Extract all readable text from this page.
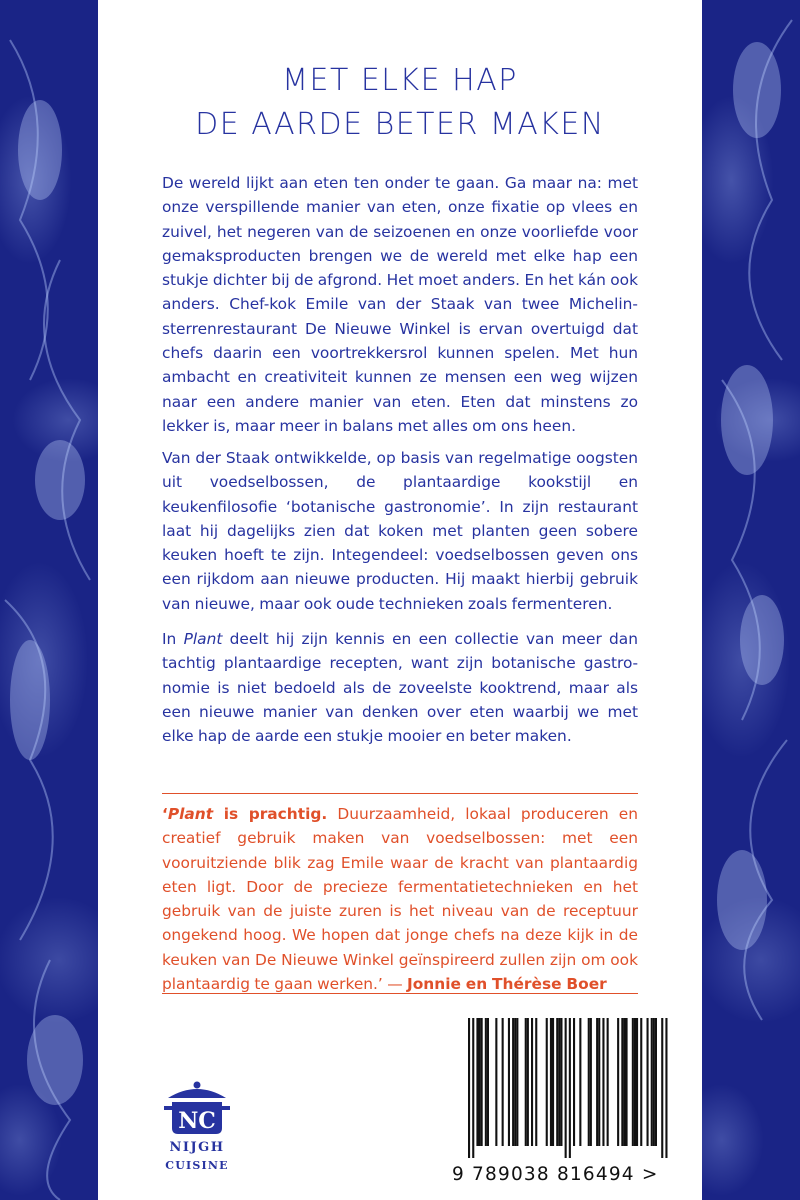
MET ELKE HAP
DE AARDE BETER MAKEN

De wereld lijkt aan eten ten onder te gaan. Ga maar na: met onze verspillende manier van eten, onze fixatie op vlees en zuivel, het negeren van de seizoenen en onze voorliefde voor gemaksproducten brengen we de wereld met elke hap een stukje dichter bij de afgrond. Het moet anders. En het kán ook anders. Chef-kok Emile van der Staak van twee Michelin-sterrenrestaurant De Nieuwe Winkel is ervan overtuigd dat chefs daarin een voortrekkersrol kunnen spelen. Met hun ambacht en creativiteit kunnen ze mensen een weg wijzen naar een andere manier van eten. Eten dat minstens zo lekker is, maar meer in balans met alles om ons heen.

Van der Staak ontwikkelde, op basis van regelmatige oogsten uit voedselbossen, de plantaardige kookstijl en keukenfilosofie ‘botanische gastronomie’. In zijn restaurant laat hij dagelijks zien dat koken met planten geen sobere keuken hoeft te zijn. Integendeel: voedselbossen geven ons een rijkdom aan nieuwe producten. Hij maakt hierbij gebruik van nieuwe, maar ook oude technieken zoals fermenteren.

In Plant deelt hij zijn kennis en een collectie van meer dan tachtig plantaardige recepten, want zijn botanische gastronomie is niet bedoeld als de zoveelste kooktrend, maar als een nieuwe manier van denken over eten waarbij we met elke hap de aarde een stukje mooier en beter maken.

‘Plant is prachtig. Duurzaamheid, lokaal produceren en creatief gebruik maken van voedselbossen: met een vooruitziende blik zag Emile waar de kracht van plantaardig eten ligt. Door de precieze fermentatietechnieken en het gebruik van de juiste zuren is het niveau van de receptuur ongekend hoog. We hopen dat jonge chefs na deze kijk in de keuken van De Nieuwe Winkel geïnspireerd zullen zijn om ook plantaardig te gaan werken.’ — Jonnie en Thérèse Boer

NC
NIJGH
CUISINE	9 789038 816494 >
